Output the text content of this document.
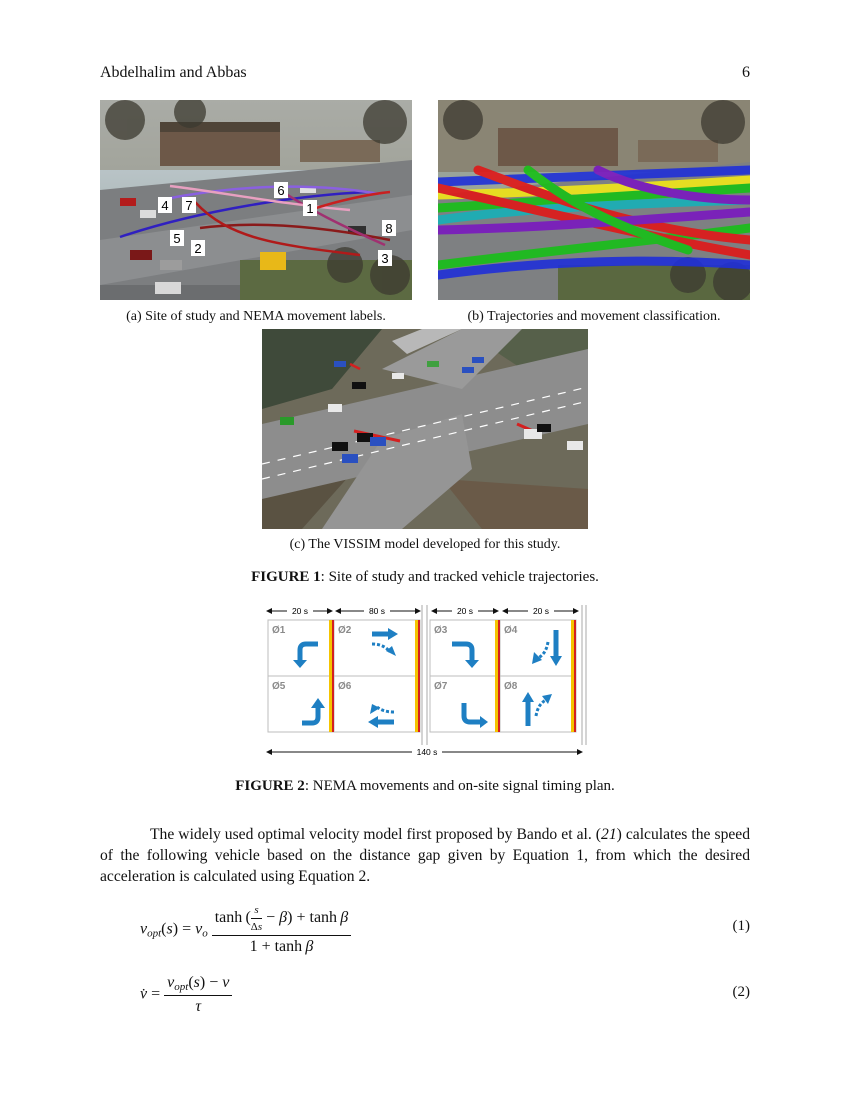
Abdelhalim and Abbas	6
1
2
3
4
5
6
7
8
(a) Site of study and NEMA movement labels.	(b) Trajectories and movement classification.
(c) The VISSIM model developed for this study.
FIGURE 1: Site of study and tracked vehicle trajectories.
20 s	80 s	20 s	20 s
Ø1	Ø2	Ø3	Ø4
Ø5	Ø6	Ø7	Ø8
140 s
FIGURE 2: NEMA movements and on-site signal timing plan.
The widely used optimal velocity model first proposed by Bando et al. (21) calculates the speed of the following vehicle based on the distance gap given by Equation 1, from which the desired acceleration is calculated using Equation 2.
$v_{opt}(s) = v_o \frac{\tanh ( \frac{s}{\Delta s} - \beta) + \tanh \beta}{\text{1 + tanh β}}$	(1)
v̇ = $\frac{v_{opt}(s) - v}{\tau}$	(2)
